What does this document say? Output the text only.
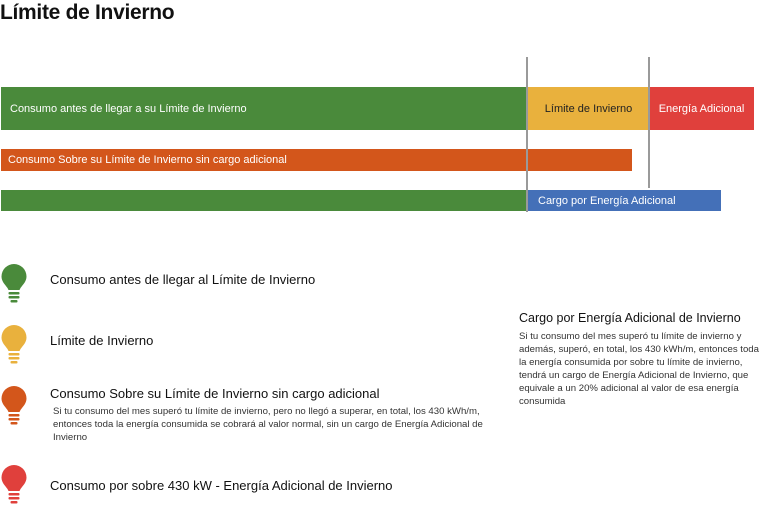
Límite de Invierno
Consumo antes de llegar a su Límite de Invierno	Límite de Invierno Energía Adicional
Consumo Sobre su Límite de Invierno sin cargo adicional
Cargo por Energía Adicional
Consumo antes de llegar al Límite de Invierno
Límite de Invierno
Consumo Sobre su Límite de Invierno sin cargo adicional
Si tu consumo del mes superó tu límite de invierno, pero no llegó a superar, en total, los 430 kWh/m, entonces toda la energía consumida se cobrará al valor normal, sin un cargo de Energía Adicional de Invierno
Consumo por sobre 430 kW - Energía Adicional de Invierno
Cargo por Energía Adicional de Invierno
Si tu consumo del mes superó tu límite de invierno y además, superó, en total, los 430 kWh/m, entonces toda la energía consumida por sobre tu límite de invierno, tendrá un cargo de Energía Adicional de Invierno, que equivale a un 20% adicional al valor de esa energía consumida
